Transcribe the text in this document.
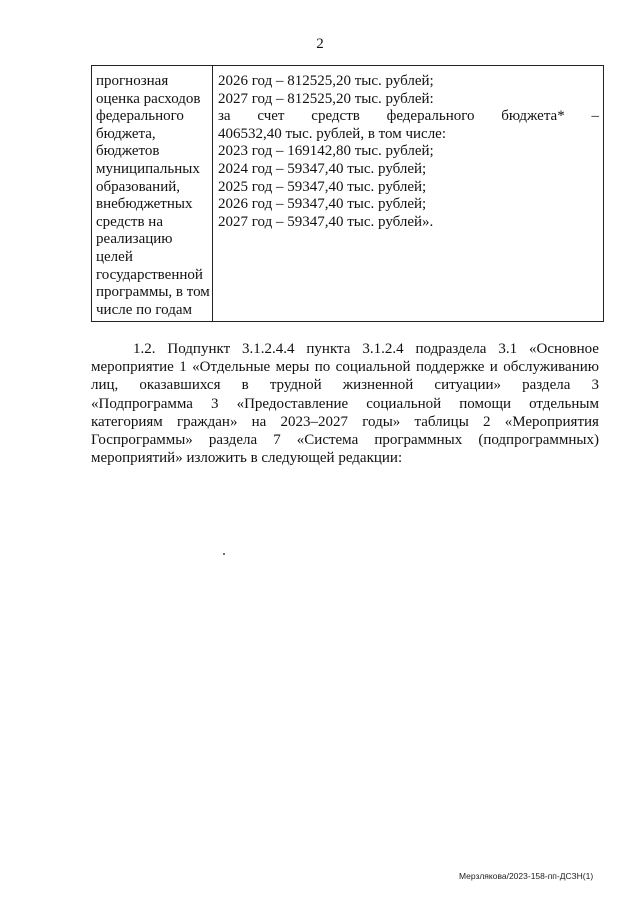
2
прогнозная
оценка расходов
федерального
бюджета,
бюджетов
муниципальных
образований,
внебюджетных
средств на
реализацию
целей
государственной
программы, в том
числе по годам
2026 год – 812525,20 тыс. рублей;
2027 год – 812525,20 тыс. рублей:
за счет средств федерального бюджета* –
406532,40 тыс. рублей, в том числе:
2023 год – 169142,80 тыс. рублей;
2024 год – 59347,40 тыс. рублей;
2025 год – 59347,40 тыс. рублей;
2026 год – 59347,40 тыс. рублей;
2027 год – 59347,40 тыс. рублей».
1.2. Подпункт 3.1.2.4.4 пункта 3.1.2.4 подраздела 3.1 «Основное
мероприятие 1 «Отдельные меры по социальной поддержке и обслуживанию
лиц, оказавшихся в трудной жизненной ситуации» раздела 3
«Подпрограмма 3 «Предоставление социальной помощи отдельным
категориям граждан» на 2023–2027 годы» таблицы 2 «Мероприятия
Госпрограммы» раздела 7 «Система программных (подпрограммных)
мероприятий» изложить в следующей редакции:
Мерзлякова/2023-158-пп-ДСЗН(1)
